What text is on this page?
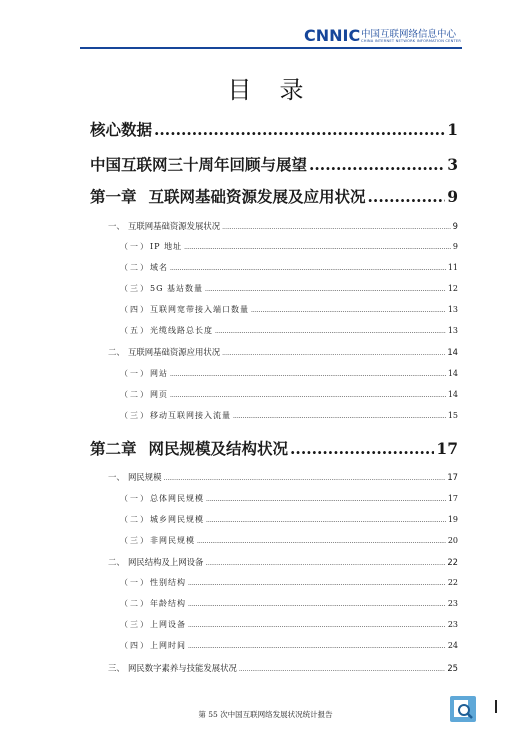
CNNIC 中国互联网络信息中心
CHINA INTERNET NETWORK INFORMATION CENTER
目录
核心数据 .....	1
中国互联网三十周年回顾与展望 .....	3
第一章 互联网基础资源发展及应用状况 .....	9
一、 互联网基础资源发展状况 .....	9
（一） IP 地址 .....	9
（二） 域名 .....	11
（三） 5G 基站数量 .....	12
（四） 互联网宽带接入端口数量 .....	13
（五） 光缆线路总长度 .....	13
二、 互联网基础资源应用状况 .....	14
（一） 网站 .....	14
（二） 网页 .....	14
（三） 移动互联网接入流量 .....	15
第二章 网民规模及结构状况 .....	17
一、 网民规模 .....	17
（一） 总体网民规模 .....	17
（二） 城乡网民规模 .....	19
（三） 非网民规模 .....	20
二、 网民结构及上网设备 .....	22
（一） 性别结构 .....	22
（二） 年龄结构 .....	23
（三） 上网设备 .....	23
（四） 上网时间 .....	24
三、 网民数字素养与技能发展状况 .....	25
第 55 次中国互联网络发展状况统计报告
